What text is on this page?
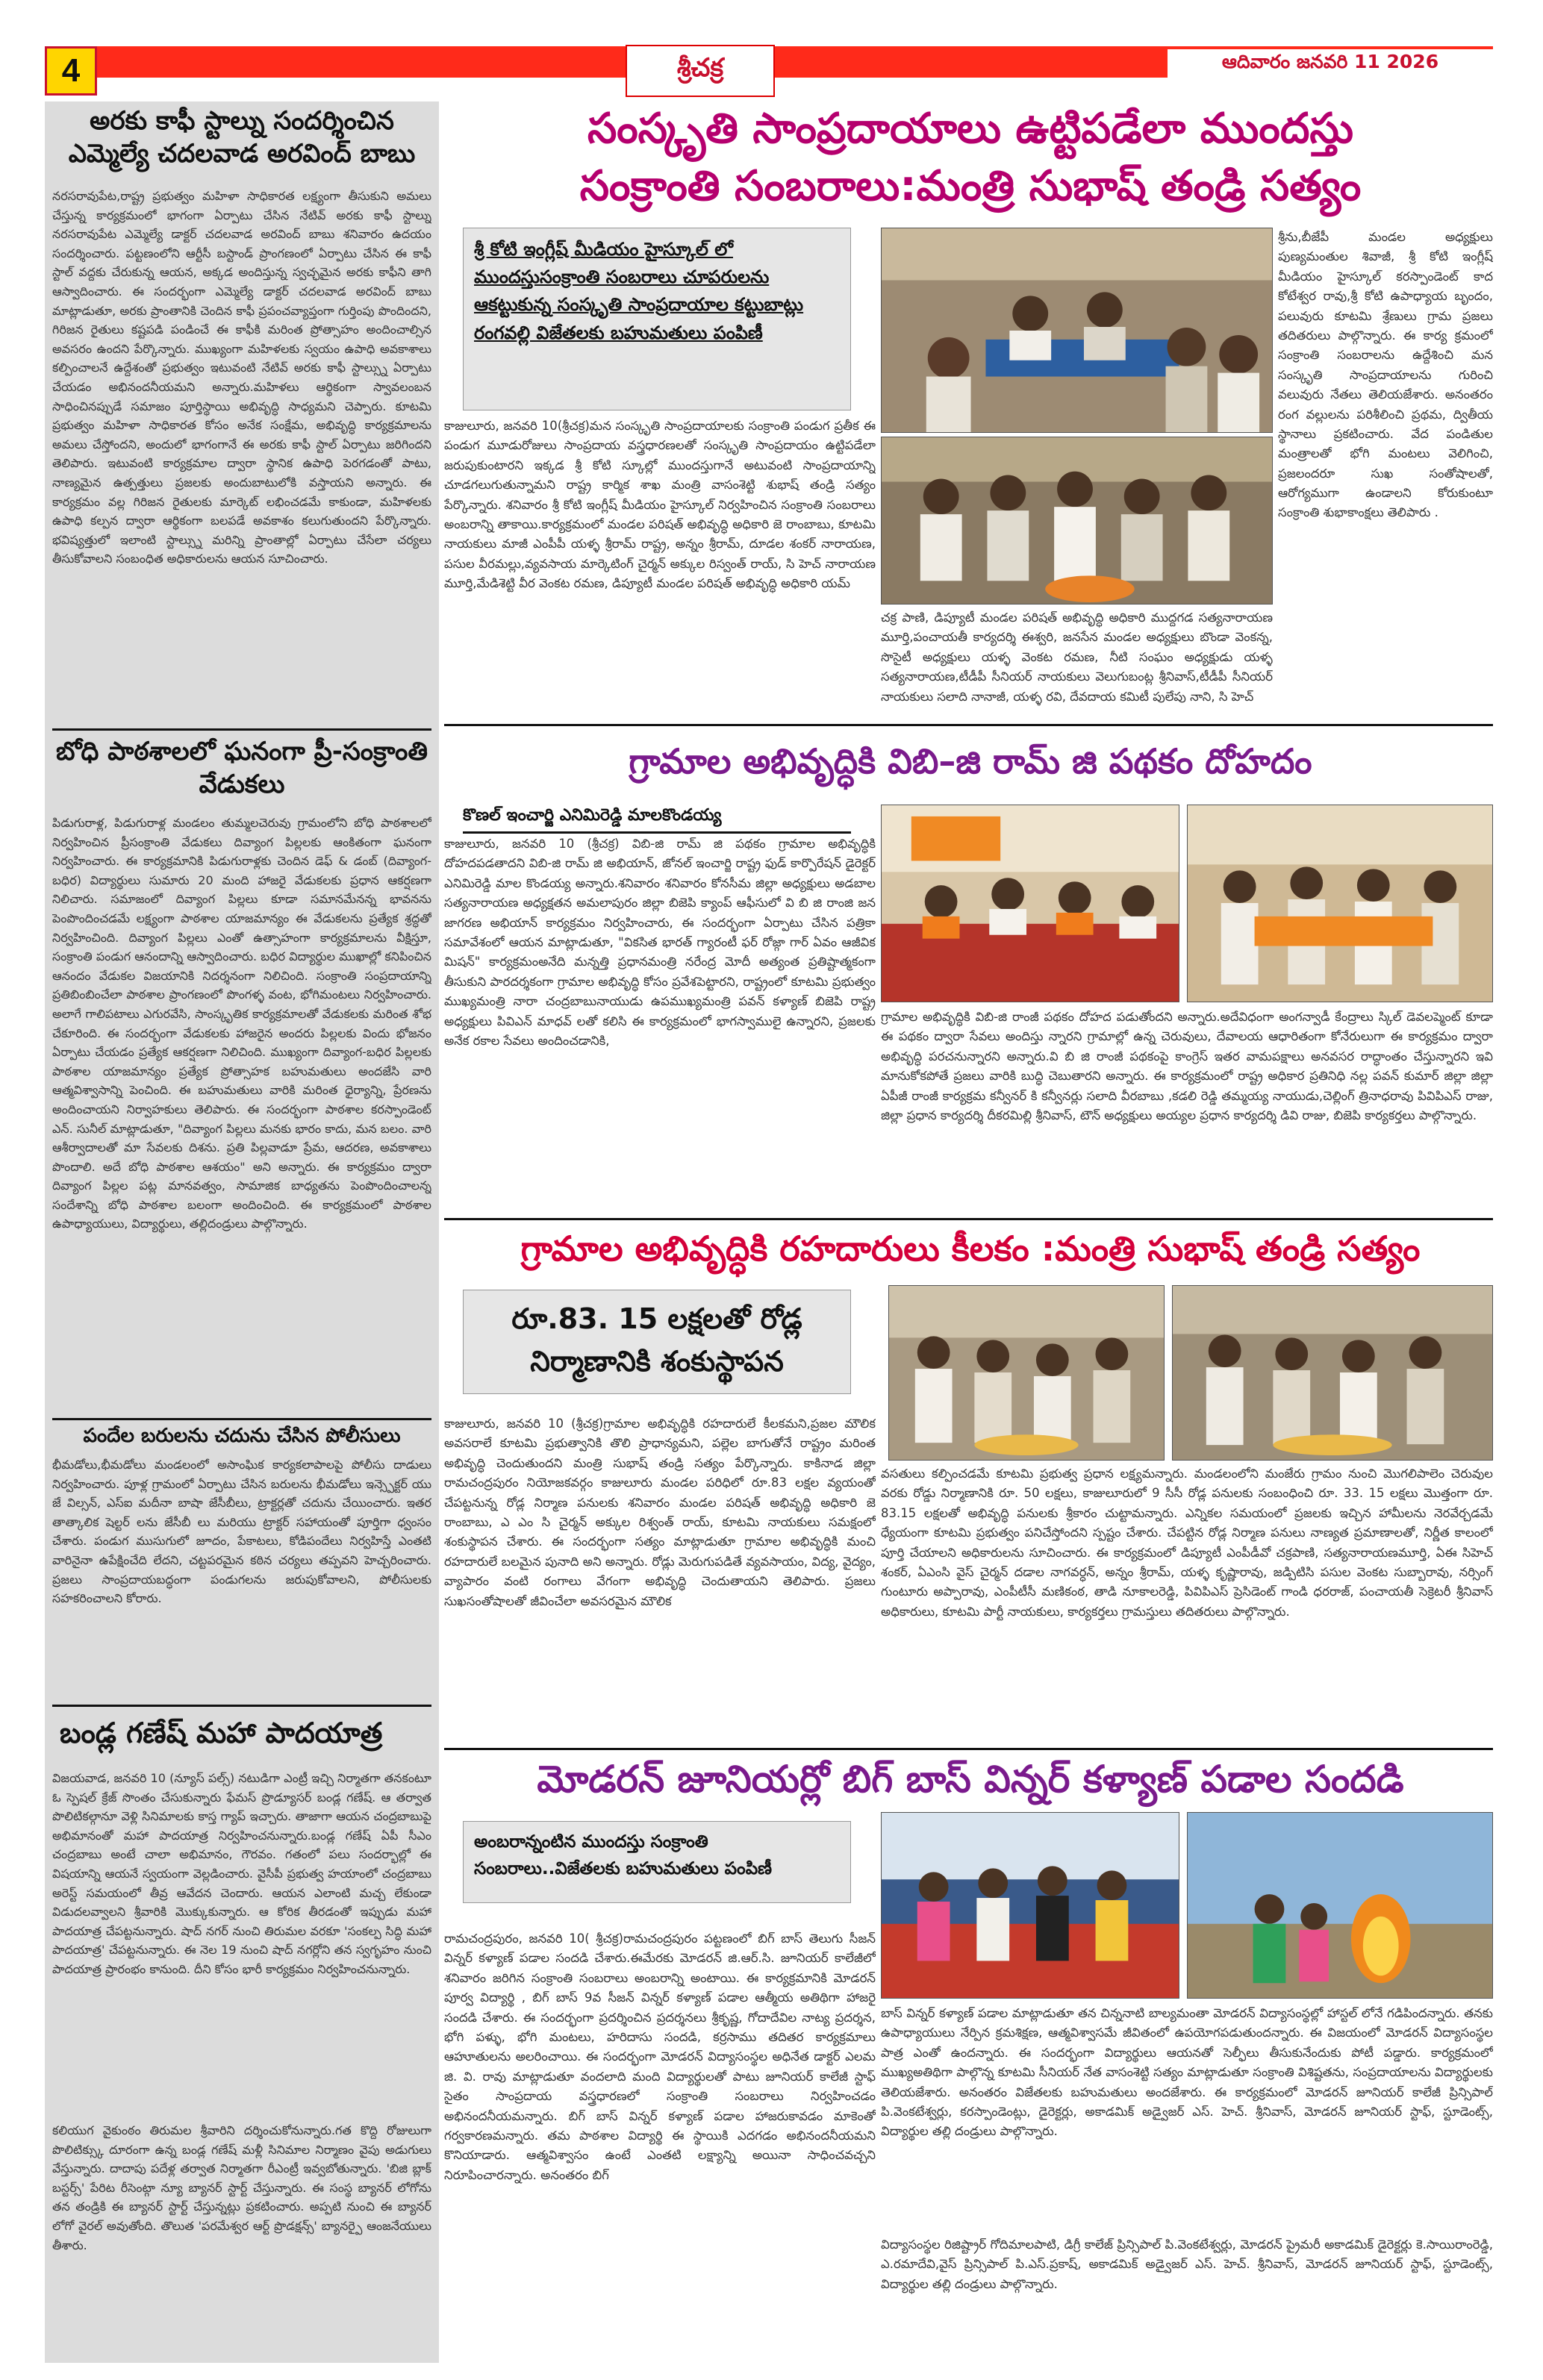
4	శ్రీచక్ర	ఆదివారం జనవరి 11 2026
అరకు కాఫీ స్టాల్ను సందర్శించిన ఎమ్మెల్యే చదలవాడ అరవింద్ బాబు
నరసరావుపేట,రాష్ట్ర ప్రభుత్వం మహిళా సాధికారత లక్ష్యంగా తీసుకుని అమలు చేస్తున్న కార్యక్రమంలో భాగంగా ఏర్పాటు చేసిన నేటివ్ అరకు కాఫీ స్టాల్ను నరసరావుపేట ఎమ్మెల్యే డాక్టర్ చదలవాడ అరవింద్ బాబు శనివారం ఉదయం సందర్శించారు. పట్టణంలోని ఆర్టీసీ బస్టాండ్ ప్రాంగణంలో ఏర్పాటు చేసిన ఈ కాఫీ స్టాల్ వద్దకు చేరుకున్న ఆయన, అక్కడ అందిస్తున్న స్వచ్ఛమైన అరకు కాఫీని తాగి ఆస్వాదించారు. ఈ సందర్భంగా ఎమ్మెల్యే డాక్టర్ చదలవాడ అరవింద్ బాబు మాట్లాడుతూ, అరకు ప్రాంతానికి చెందిన కాఫీ ప్రపంచవ్యాప్తంగా గుర్తింపు పొందిందని, గిరిజన రైతులు కష్టపడి పండించే ఈ కాఫీకి మరింత ప్రోత్సాహం అందించాల్సిన అవసరం ఉందని పేర్కొన్నారు. ముఖ్యంగా మహిళలకు స్వయం ఉపాధి అవకాశాలు కల్పించాలనే ఉద్దేశంతో ప్రభుత్వం ఇటువంటి నేటివ్ అరకు కాఫీ స్టాల్స్ను ఏర్పాటు చేయడం అభినందనీయమని అన్నారు.మహిళలు ఆర్థికంగా స్వావలంబన సాధించినప్పుడే సమాజం పూర్తిస్థాయి అభివృద్ధి సాధ్యమని చెప్పారు. కూటమి ప్రభుత్వం మహిళా సాధికారత కోసం అనేక సంక్షేమ, అభివృద్ధి కార్యక్రమాలను అమలు చేస్తోందని, అందులో భాగంగానే ఈ అరకు కాఫీ స్టాల్ ఏర్పాటు జరిగిందని తెలిపారు. ఇటువంటి కార్యక్రమాల ద్వారా స్థానిక ఉపాధి పెరగడంతో పాటు, నాణ్యమైన ఉత్పత్తులు ప్రజలకు అందుబాటులోకి వస్తాయని అన్నారు. ఈ కార్యక్రమం వల్ల గిరిజన రైతులకు మార్కెట్ లభించడమే కాకుండా, మహిళలకు ఉపాధి కల్పన ద్వారా ఆర్థికంగా బలపడే అవకాశం కలుగుతుందని పేర్కొన్నారు. భవిష్యత్తులో ఇలాంటి స్టాల్స్ను మరిన్ని ప్రాంతాల్లో ఏర్పాటు చేసేలా చర్యలు తీసుకోవాలని సంబంధిత అధికారులను ఆయన సూచించారు.
బోధి పాఠశాలలో ఘనంగా ప్రీ-సంక్రాంతి వేడుకలు
పిడుగురాళ్ల, పిడుగురాళ్ల మండలం తుమ్మలచెరువు గ్రామంలోని బోధి పాఠశాలలో నిర్వహించిన ప్రీసంక్రాంతి వేడుకలు దివ్యాంగ పిల్లలకు ఆంకితంగా ఘనంగా నిర్వహించారు. ఈ కార్యక్రమానికి పిడుగురాళ్లకు చెందిన డెఫ్ & డంబ్ (దివ్యాంగ-బధిర) విద్యార్థులు సుమారు 20 మంది హాజరై వేడుకలకు ప్రధాన ఆకర్షణగా నిలిచారు. సమాజంలో దివ్యాంగ పిల్లలు కూడా సమానమేనన్న భావనను పెంపొందించడమే లక్ష్యంగా పాఠశాల యాజమాన్యం ఈ వేడుకలను ప్రత్యేక శ్రద్ధతో నిర్వహించింది. దివ్యాంగ పిల్లలు ఎంతో ఉత్సాహంగా కార్యక్రమాలను వీక్షిస్తూ, సంక్రాంతి పండుగ ఆనందాన్ని ఆస్వాదించారు. బధిర విద్యార్థుల ముఖాల్లో కనిపించిన ఆనందం వేడుకల విజయానికి నిదర్శనంగా నిలిచింది. సంక్రాంతి సంప్రదాయాన్ని ప్రతిబింబించేలా పాఠశాల ప్రాంగణంలో పొంగళ్ళ వంట, భోగిమంటలు నిర్వహించారు. అలాగే గాలిపటాలు ఎగురవేసి, సాంస్కృతిక కార్యక్రమాలతో వేడుకలకు మరింత శోభ చేకూరింది. ఈ సందర్భంగా వేడుకలకు హాజరైన అందరు పిల్లలకు విందు భోజనం ఏర్పాటు చేయడం ప్రత్యేక ఆకర్షణగా నిలిచింది. ముఖ్యంగా దివ్యాంగ-బధిర పిల్లలకు పాఠశాల యాజమాన్యం ప్రత్యేక ప్రోత్సాహక బహుమతులు అందజేసి వారి ఆత్మవిశ్వాసాన్ని పెంచింది. ఈ బహుమతులు వారికి మరింత ధైర్యాన్ని, ప్రేరణను అందించాయని నిర్వాహకులు తెలిపారు. ఈ సందర్భంగా పాఠశాల కరస్పాండెంట్ ఎన్. సునీల్ మాట్లాడుతూ, "దివ్యాంగ పిల్లలు మనకు భారం కాదు, మన బలం. వారి ఆశీర్వాదాలతో మా సేవలకు దిశను. ప్రతి పిల్లవాడూ ప్రేమ, ఆదరణ, అవకాశాలు పొందాలి. అదే బోధి పాఠశాల ఆశయం" అని అన్నారు. ఈ కార్యక్రమం ద్వారా దివ్యాంగ పిల్లల పట్ల మానవత్వం, సామాజిక బాధ్యతను పెంపొందించాలన్న సందేశాన్ని బోధి పాఠశాల బలంగా అందించింది. ఈ కార్యక్రమంలో పాఠశాల ఉపాధ్యాయులు, విద్యార్థులు, తల్లిదండ్రులు పాల్గొన్నారు.
పందేల బరులను చదును చేసిన పోలీసులు
భీమడోలు,భీమడోలు మండలంలో అసాంఘిక కార్యకలాపాలపై పోలీసు దాడులు నిర్వహించారు. పూళ్ల గ్రామంలో ఏర్పాటు చేసిన బరులను భీమడోలు ఇన్స్పెక్టర్ యు జే విల్సన్, ఎస్ఐ మదీనా బాషా జేసీబీలు, ట్రాక్టర్లతో చదును చేయించారు. ఇతర తాత్కాలిక షెల్టర్ లను జేసీబీ లు మరియు ట్రాక్టర్ సహాయంతో పూర్తిగా ధ్వంసం చేశారు. పండుగ ముసుగులో జూదం, పేకాటలు, కోడిపందేలు నిర్వహిస్తే ఎంతటి వారినైనా ఉపేక్షించేది లేదని, చట్టపరమైన కఠిన చర్యలు తప్పవని హెచ్చరించారు. ప్రజలు సాంప్రదాయబద్ధంగా పండుగలను జరుపుకోవాలని, పోలీసులకు సహకరించాలని కోరారు.
బండ్ల గణేష్ మహా పాదయాత్ర
విజయవాడ, జనవరి 10 (న్యూస్ పల్స్) నటుడిగా ఎంట్రీ ఇచ్చి నిర్మాతగా తనకంటూ ఓ స్పెషల్ క్రేజ్ సొంతం చేసుకున్నారు ఫేమస్ ప్రొడ్యూసర్ బండ్ల గణేష్. ఆ తర్వాత పొలిటికల్గానూ వెళ్లి సినిమాలకు కాస్త గ్యాప్ ఇచ్చారు. తాజాగా ఆయన చంద్రబాబుపై అభిమానంతో మహా పాదయాత్ర నిర్వహించనున్నారు.బండ్ల గణేష్ ఏపీ సీఎం చంద్రబాబు అంటే చాలా అభిమానం, గౌరవం. గతంలో పలు సందర్భాల్లో ఈ విషయాన్ని ఆయనే స్వయంగా వెల్లడించారు. వైసీపీ ప్రభుత్వ హయాంలో చంద్రబాబు అరెస్ట్ సమయంలో తీవ్ర ఆవేదన చెందారు. ఆయన ఎలాంటి మచ్చ లేకుండా విడుదలవ్వాలని శ్రీవారికి మొక్కుకున్నారు. ఆ కోరిక తీరడంతో ఇప్పుడు మహా పాదయాత్ర చేపట్టనున్నారు. షాద్ నగర్ నుంచి తిరుమల వరకూ 'సంకల్ప సిద్ధి మహా పాదయాత్ర' చేపట్టనున్నారు. ఈ నెల 19 నుంచి షాద్ నగర్లోని తన స్వగృహం నుంచి పాదయాత్ర ప్రారంభం కానుంది. దీని కోసం భారీ కార్యక్రమం నిర్వహించనున్నారు.
కలియుగ వైకుంఠం తిరుమల శ్రీవారిని దర్శించుకోనున్నారు.గత కొద్ది రోజులుగా పొలిటిక్స్కు దూరంగా ఉన్న బండ్ల గణేష్ మళ్లీ సినిమాల నిర్మాణం వైపు అడుగులు వేస్తున్నారు. దాదాపు పదేళ్ల తర్వాత నిర్మాతగా రీఎంట్రీ ఇవ్వబోతున్నారు. 'బిజి బ్లాక్ బస్టర్స్' పేరిట రీసెంట్గా న్యూ బ్యానర్ స్టార్ట్ చేస్తున్నారు. ఈ సంస్థ బ్యానర్ లోగోను తన తండ్రికి ఈ బ్యానర్ స్టార్ట్ చేస్తున్నట్లు ప్రకటించారు. అప్పటి నుంచి ఈ బ్యానర్ లోగో వైరల్ అవుతోంది. తొలుత 'పరమేశ్వర ఆర్ట్ ప్రొడక్షన్స్' బ్యానర్పై ఆంజనేయులు తీశారు.
సంస్కృతి సాంప్రదాయాలు ఉట్టిపడేలా ముందస్తు
సంక్రాంతి సంబరాలు:మంత్రి సుభాష్ తండ్రి సత్యం
శ్రీ కోటి ఇంగ్లీష్ మీడియం హైస్కూల్ లో ముందస్తుసంక్రాంతి సంబరాలు చూపరులను ఆకట్టుకున్న సంస్కృతి సాంప్రదాయాల కట్టుబాట్లు రంగవల్లి విజేతలకు బహుమతులు పంపిణీ
కాజులూరు, జనవరి 10(శ్రీచక్ర)మన సంస్కృతి సాంప్రదాయాలకు సంక్రాంతి పండుగ ప్రతీక ఈ పండుగ మూడురోజులు సాంప్రదాయ వస్త్రధారణలతో సంస్కృతి సాంప్రదాయం ఉట్టిపడేలా జరుపుకుంటారని ఇక్కడ శ్రీ కోటి స్కూల్లో ముందస్తుగానే అటువంటి సాంప్రదాయాన్ని చూడగలుగుతున్నామని రాష్ట్ర కార్మిక శాఖ మంత్రి వాసంశెట్టి శుభాష్ తండ్రి సత్యం పేర్కొన్నారు. శనివారం శ్రీ కోటి ఇంగ్లీష్ మీడియం హైస్కూల్ నిర్వహించిన సంక్రాంతి సంబరాలు అంబరాన్ని తాకాయి.కార్యక్రమంలో మండల పరిషత్ అభివృద్ధి అధికారి జె రాంబాబు, కూటమి నాయకులు మాజీ ఎంపీపీ యళ్ళ శ్రీరామ్ రాష్ట్ర, అన్నం శ్రీరామ్, దూడల శంకర్ నారాయణ, పసుల వీరమల్లు,వ్యవసాయ మార్కెటింగ్ చైర్మన్ అక్కుల రిస్వంత్ రాయ్, సి హెచ్ నారాయణ మూర్తి,మేడిశెట్టి వీర వెంకట రమణ, డిప్యూటీ మండల పరిషత్ అభివృద్ధి అధికారి యమ్
చక్ర పాణి, డిప్యూటీ మండల పరిషత్ అభివృద్ధి అధికారి ముద్దగడ సత్యనారాయణ మూర్తి,పంచాయతీ కార్యదర్శి ఈశ్వరి, జనసేన మండల అధ్యక్షులు బొండా వెంకన్న, సొసైటీ అధ్యక్షులు యళ్ళ వెంకట రమణ, నీటి సంఘం అధ్యక్షుడు యళ్ళ సత్యనారాయణ,టీడీపీ సీనియర్ నాయకులు వెలుగుబంట్ల శ్రీనివాస్,టీడీపీ సీనియర్ నాయకులు సలాది నానాజీ, యళ్ళ రవి, దేవదాయ కమిటీ పులేపు నాని, సి హెచ్
శ్రీను,బీజేపీ మండల అధ్యక్షులు పుణ్యమంతుల శివాజీ, శ్రీ కోటి ఇంగ్లీష్ మీడియం హైస్కూల్ కరస్పాండెంట్ కాద కోటేశ్వర రావు,శ్రీ కోటి ఉపాధ్యాయ బృందం, పలువురు కూటమి శ్రేణులు గ్రామ ప్రజలు తదితరులు పాల్గొన్నారు. ఈ కార్య క్రమంలో సంక్రాంతి సంబరాలను ఉద్దేశించి మన సంస్కృతి సాంప్రదాయాలను గురించి వలువురు నేతలు తెలియజేశారు. అనంతరం రంగ వల్లులను పరిశీలించి ప్రథమ, ద్వితీయ స్థానాలు ప్రకటించారు. వేద పండితుల మంత్రాలతో భోగి మంటలు వెలిగించి, ప్రజలందరూ సుఖ సంతోషాలతో, ఆరోగ్యముగా ఉండాలని కోరుకుంటూ సంక్రాంతి శుభాకాంక్షలు తెలిపారు .
గ్రామాల అభివృద్ధికి విబి–జి రామ్ జి పథకం దోహదం
కొణల్ ఇంచార్జి ఎనిమిరెడ్డి మాలకొండయ్య
కాజులూరు, జనవరి 10 (శ్రీచక్ర) విబి-జి రామ్ జి పథకం గ్రామాల అభివృద్ధికి దోహదపడతాదని విబి-జి రామ్ జి అభియాన్, జోనల్ ఇంచార్జి రాష్ట్ర ఫుడ్ కార్పొరేషన్ డైరెక్టర్ ఎనిమిరెడ్డి మాల కొండయ్య అన్నారు.శనివారం శనివారం కోనసీమ జిల్లా అధ్యక్షులు అడబాల సత్యనారాయణ అధ్యక్షతన అమలాపురం జిల్లా బిజెపి క్యాంప్ ఆఫీసులో వి బి జి రాంజి జన జాగరణ అభియాన్ కార్యక్రమం నిర్వహించారు, ఈ సందర్భంగా ఏర్పాటు చేసిన పత్రికా సమావేశంలో ఆయన మాట్లాడుతూ, "వికసిత భారత్ గ్యారంటీ ఫర్ రోజ్గా గార్ ఏవం ఆజీవిక మిషన్" కార్యక్రమంఅనేది మన్నత్తి ప్రధానమంత్రి నరేంద్ర మోదీ అత్యంత ప్రతిష్టాత్మకంగా తీసుకుని పారదర్శకంగా గ్రామాల అభివృద్ధి కోసం ప్రవేశపెట్టారని, రాష్ట్రంలో కూటమి ప్రభుత్వం ముఖ్యమంత్రి నారా చంద్రబాబునాయుడు ఉపముఖ్యమంత్రి పవన్ కళ్యాణ్ బిజెపి రాష్ట్ర అధ్యక్షులు పివిఎన్ మాధవ్ లతో కలిసి ఈ కార్యక్రమంలో భాగస్వాములై ఉన్నారని, ప్రజలకు అనేక రకాల సేవలు అందించడానికి,
గ్రామాల అభివృద్ధికి విబి-జి రాంజీ పథకం దోహద పడుతోందని అన్నారు.అదేవిధంగా అంగన్వాడీ కేంద్రాలు స్కిల్ డెవలప్మెంట్ కూడా ఈ పథకం ద్వారా సేవలు అందిస్తు న్నారని గ్రామాల్లో ఉన్న చెరువులు, దేవాలయ ఆధారితంగా కోనేరులుగా ఈ కార్యక్రమం ద్వారా అభివృద్ధి పరచనున్నారని అన్నారు.వి బి జి రాంజీ పథకంపై కాంగ్రెస్ ఇతర వామపక్షాలు అనవసర రాద్ధాంతం చేస్తున్నారని ఇవి మానుకోకపోతే ప్రజలు వారికి బుద్ధి చెబుతారని అన్నారు. ఈ కార్యక్రమంలో రాష్ట్ర అధికార ప్రతినిధి నల్ల పవన్ కుమార్ జిల్లా జిల్లా ఏపీజీ రాంజీ కార్యక్రమ కన్వీనర్ కి కన్వీనర్లు సలాది వీరబాబు ,కడలి రెడ్డి తమ్మయ్య నాయుడు,చెల్లింగ్ త్రినాధరావు పివిపిఎస్ రాజు, జిల్లా ప్రధాన కార్యదర్శి దీకరమిల్లి శ్రీనివాస్, టౌన్ అధ్యక్షులు అయ్యల ప్రధాన కార్యదర్శి డివి రాజు, బిజెపి కార్యకర్తలు పాల్గొన్నారు.
గ్రామాల అభివృద్ధికి రహదారులు కీలకం :మంత్రి సుభాష్ తండ్రి సత్యం
రూ.83. 15 లక్షలతో రోడ్ల నిర్మాణానికి శంకుస్థాపన
కాజులూరు, జనవరి 10 (శ్రీచక్ర)గ్రామాల అభివృద్ధికి రహదారులే కీలకమని,ప్రజల మౌలిక అవసరాలే కూటమి ప్రభుత్వానికి తొలి ప్రాధాన్యమని, పల్లెల బాగుతోనే రాష్ట్రం మరింత అభివృద్ధి చెందుతుందని మంత్రి సుభాష్ తండ్రి సత్యం పేర్కొన్నారు. కాకినాడ జిల్లా రామచంద్రపురం నియోజకవర్గం కాజులూరు మండల పరిధిలో రూ.83 లక్షల వ్యయంతో చేపట్టనున్న రోడ్ల నిర్మాణ పనులకు శనివారం మండల పరిషత్ అభివృద్ధి అధికారి జె రాంబాబు, ఎ ఎం సి చైర్మన్ అక్కుల రిశ్వంత్ రాయ్, కూటమి నాయకులు సమక్షంలో శంకుస్థాపన చేశారు. ఈ సందర్భంగా సత్యం మాట్లాడుతూ గ్రామాల అభివృద్ధికి మంచి రహదారులే బలమైన పునాది అని అన్నారు. రోడ్లు మెరుగుపడితే వ్యవసాయం, విద్య, వైద్యం, వ్యాపారం వంటి రంగాలు వేగంగా అభివృద్ధి చెందుతాయని తెలిపారు. ప్రజలు సుఖసంతోషాలతో జీవించేలా అవసరమైన మౌలిక
వసతులు కల్పించడమే కూటమి ప్రభుత్వ ప్రధాన లక్ష్యమన్నారు. మండలంలోని మంజేరు గ్రామం నుంచి మొగలిపాలెం చెరువుల వరకు రోడ్డు నిర్మాణానికి రూ. 50 లక్షలు, కాజులూరులో 9 సీసీ రోడ్ల పనులకు సంబంధించి రూ. 33. 15 లక్షలు మొత్తంగా రూ. 83.15 లక్షలతో అభివృద్ధి పనులకు శ్రీకారం చుట్టామన్నారు. ఎన్నికల సమయంలో ప్రజలకు ఇచ్చిన హామీలను నెరవేర్చడమే ధ్యేయంగా కూటమి ప్రభుత్వం పనిచేస్తోందని స్పష్టం చేశారు. చేపట్టిన రోడ్ల నిర్మాణ పనులు నాణ్యత ప్రమాణాలతో, నిర్ణీత కాలంలో పూర్తి చేయాలని అధికారులను సూచించారు. ఈ కార్యక్రమంలో డిప్యూటీ ఎంపీడీవో చక్రపాణి, సత్యనారాయణమూర్తి, ఏఈ సిహెచ్ శంకర్, ఏఎంసి వైస్ చైర్మన్ దడాల నాగవర్ధన్, అన్నం శ్రీరామ్, యళ్ళ కృష్ణారావు, జడ్పిటిసి పసుల వెంకట సుబ్బారావు, నర్సింగ్ గుంటూరు అప్పారావు, ఎంపీటీసీ మణికంఠ, తాడి నూకాలరెడ్డి, పివిపిఎస్ ప్రెసిడెంట్ గాండి ధరరాజ్, పంచాయతీ సెక్రెటరీ శ్రీనివాస్ అధికారులు, కూటమి పార్టీ నాయకులు, కార్యకర్తలు గ్రామస్తులు తదితరులు పాల్గొన్నారు.
మోడరన్ జూనియర్లో బిగ్ బాస్ విన్నర్ కళ్యాణ్ పడాల సందడి
అంబరాన్నంటిన ముందస్తు సంక్రాంతి సంబరాలు..విజేతలకు బహుమతులు పంపిణీ
రామచంద్రపురం, జనవరి 10( శ్రీచక్ర)రామచంద్రపురం పట్టణంలో బిగ్ బాస్ తెలుగు సీజన్ విన్నర్ కళ్యాణ్ పడాల సందడి చేశారు.ఈమేరకు మోడరన్ జి.ఆర్.సి. జూనియర్ కాలేజీలో శనివారం జరిగిన సంక్రాంతి సంబరాలు అంబరాన్ని అంటాయి. ఈ కార్యక్రమానికి మోడరన్ పూర్వ విద్యార్థి , బిగ్ బాస్ 9వ సీజన్ విన్నర్ కళ్యాణ్ పడాల ఆత్మీయ అతిథిగా హాజరై సందడి చేశారు. ఈ సందర్భంగా ప్రదర్శించిన ప్రదర్శనలు శ్రీకృష్ణ, గోదాదేవిల నాట్య ప్రదర్శన, భోగి పళ్ళు, భోగి మంటలు, హరిదాసు సందడి, కర్రసాము తదితర కార్యక్రమాలు ఆహూతులను అలరించాయి. ఈ సందర్భంగా మోడరన్ విద్యాసంస్థల అధినేత డాక్టర్ ఎలమ జి. వి. రావు మాట్లాడుతూ వందలాది మంది విద్యార్థులతో పాటు జూనియర్ కాలేజీ స్టాఫ్ సైతం సాంప్రదాయ వస్త్రధారణలో సంక్రాంతి సంబరాలు నిర్వహించడం అభినందనీయమన్నారు. బిగ్ బాస్ విన్నర్ కళ్యాణ్ పడాల హాజరుకావడం మాకెంతో గర్వకారణమన్నారు. తమ పాఠశాల విద్యార్థి ఈ స్థాయికి ఎదగడం అభినందనీయమని కొనియాడారు. ఆత్మవిశ్వాసం ఉంటే ఎంతటి లక్ష్యాన్ని అయినా సాధించవచ్చని నిరూపించారన్నారు. అనంతరం బిగ్
బాస్ విన్నర్ కళ్యాణ్ పడాల మాట్లాడుతూ తన చిన్ననాటి బాల్యమంతా మోడరన్ విద్యాసంస్థల్లో హాస్టల్ లోనే గడిపిందన్నారు. తనకు ఉపాధ్యాయులు నేర్పిన క్రమశిక్షణ, ఆత్మవిశ్వాసమే జీవితంలో ఉపయోగపడుతుందన్నారు. ఈ విజయంలో మోడరన్ విద్యాసంస్థల పాత్ర ఎంతో ఉందన్నారు. ఈ సందర్భంగా విద్యార్థులు ఆయనతో సెల్ఫీలు తీసుకునేందుకు పోటీ పడ్డారు. కార్యక్రమంలో ముఖ్యఅతిథిగా పాల్గొన్న కూటమి సీనియర్ నేత వాసంశెట్టి సత్యం మాట్లాడుతూ సంక్రాంతి విశిష్టతను, సంప్రదాయాలను విద్యార్థులకు తెలియజేశారు. అనంతరం విజేతలకు బహుమతులు అందజేశారు. ఈ కార్యక్రమంలో మోడరన్ జూనియర్ కాలేజీ ప్రిన్సిపాల్ పి.వెంకటేశ్వర్లు, కరస్పాండెంట్లు, డైరెక్టర్లు, అకాడమిక్ అడ్వైజర్ ఎస్. హెచ్. శ్రీనివాస్, మోడరన్ జూనియర్ స్టాఫ్, స్టూడెంట్స్, విద్యార్థుల తల్లి దండ్రులు పాల్గొన్నారు.
విద్యాసంస్థల రిజిష్ట్రార్ గోదిమాలపాటి, డిగ్రీ కాలేజ్ ప్రిన్సిపాల్ పి.వెంకటేశ్వర్లు, మోడరన్ ప్రైమరీ అకాడమిక్ డైరెక్టర్లు కె.సాయిరాంరెడ్డి, ఎ.రమాదేవి,వైస్ ప్రిన్సిపాల్ పి.ఎస్.ప్రకాష్, అకాడమిక్ అడ్వైజర్ ఎస్. హెచ్. శ్రీనివాస్, మోడరన్ జూనియర్ స్టాఫ్, స్టూడెంట్స్, విద్యార్థుల తల్లి దండ్రులు పాల్గొన్నారు.
